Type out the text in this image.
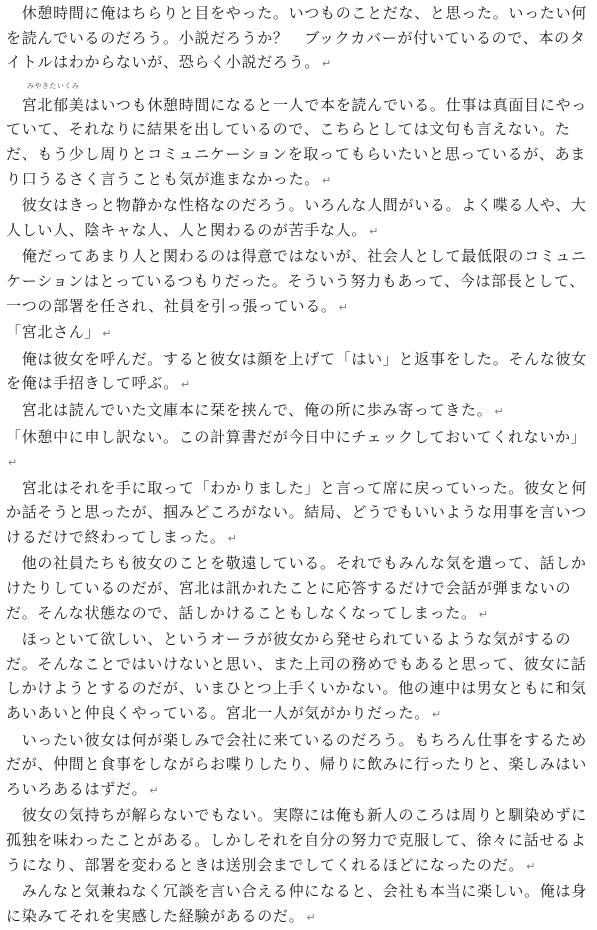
　休憩時間に俺はちらりと目をやった。いつものことだな、と思った。いったい何を読んでいるのだろう。小説だろうか？　ブックカバーが付いているので、本のタイトルはわからないが、恐らく小説だろう。 ↵

みやきたいくみ
宮北郁美はいつも休憩時間になると一人で本を読んでいる。仕事は真面目にやっていて、それなりに結果を出しているので、こちらとしては文句も言えない。ただ、もう少し周りとコミュニケーションを取ってもらいたいと思っているが、あまり口うるさく言うことも気が進まなかった。 ↵

　彼女はきっと物静かな性格なのだろう。いろんな人間がいる。よく喋る人や、大人しい人、陰キャな人、人と関わるのが苦手な人。 ↵

　俺だってあまり人と関わるのは得意ではないが、社会人として最低限のコミュニケーションはとっているつもりだった。そういう努力もあって、今は部長として、一つの部署を任され、社員を引っ張っている。 ↵

「宮北さん」 ↵

　俺は彼女を呼んだ。すると彼女は顔を上げて「はい」と返事をした。そんな彼女を俺は手招きして呼ぶ。 ↵

　宮北は読んでいた文庫本に栞を挟んで、俺の所に歩み寄ってきた。 ↵

「休憩中に申し訳ない。この計算書だが今日中にチェックしておいてくれないか」↵

　宮北はそれを手に取って「わかりました」と言って席に戻っていった。彼女と何か話そうと思ったが、掴みどころがない。結局、どうでもいいような用事を言いつけるだけで終わってしまった。 ↵

　他の社員たちも彼女のことを敬遠している。それでもみんな気を遣って、話しかけたりしているのだが、宮北は訊かれたことに応答するだけで会話が弾まないのだ。そんな状態なので、話しかけることもしなくなってしまった。 ↵

　ほっといて欲しい、というオーラが彼女から発せられているような気がするのだ。そんなことではいけないと思い、また上司の務めでもあると思って、彼女に話しかけようとするのだが、いまひとつ上手くいかない。他の連中は男女ともに和気あいあいと仲良くやっている。宮北一人が気がかりだった。 ↵

　いったい彼女は何が楽しみで会社に来ているのだろう。もちろん仕事をするためだが、仲間と食事をしながらお喋りしたり、帰りに飲みに行ったりと、楽しみはいろいろあるはずだ。 ↵

　彼女の気持ちが解らないでもない。実際には俺も新人のころは周りと馴染めずに孤独を味わったことがある。しかしそれを自分の努力で克服して、徐々に話せるようになり、部署を変わるときは送別会までしてくれるほどになったのだ。 ↵

　みんなと気兼ねなく冗談を言い合える仲になると、会社も本当に楽しい。俺は身に染みてそれを実感した経験があるのだ。 ↵
